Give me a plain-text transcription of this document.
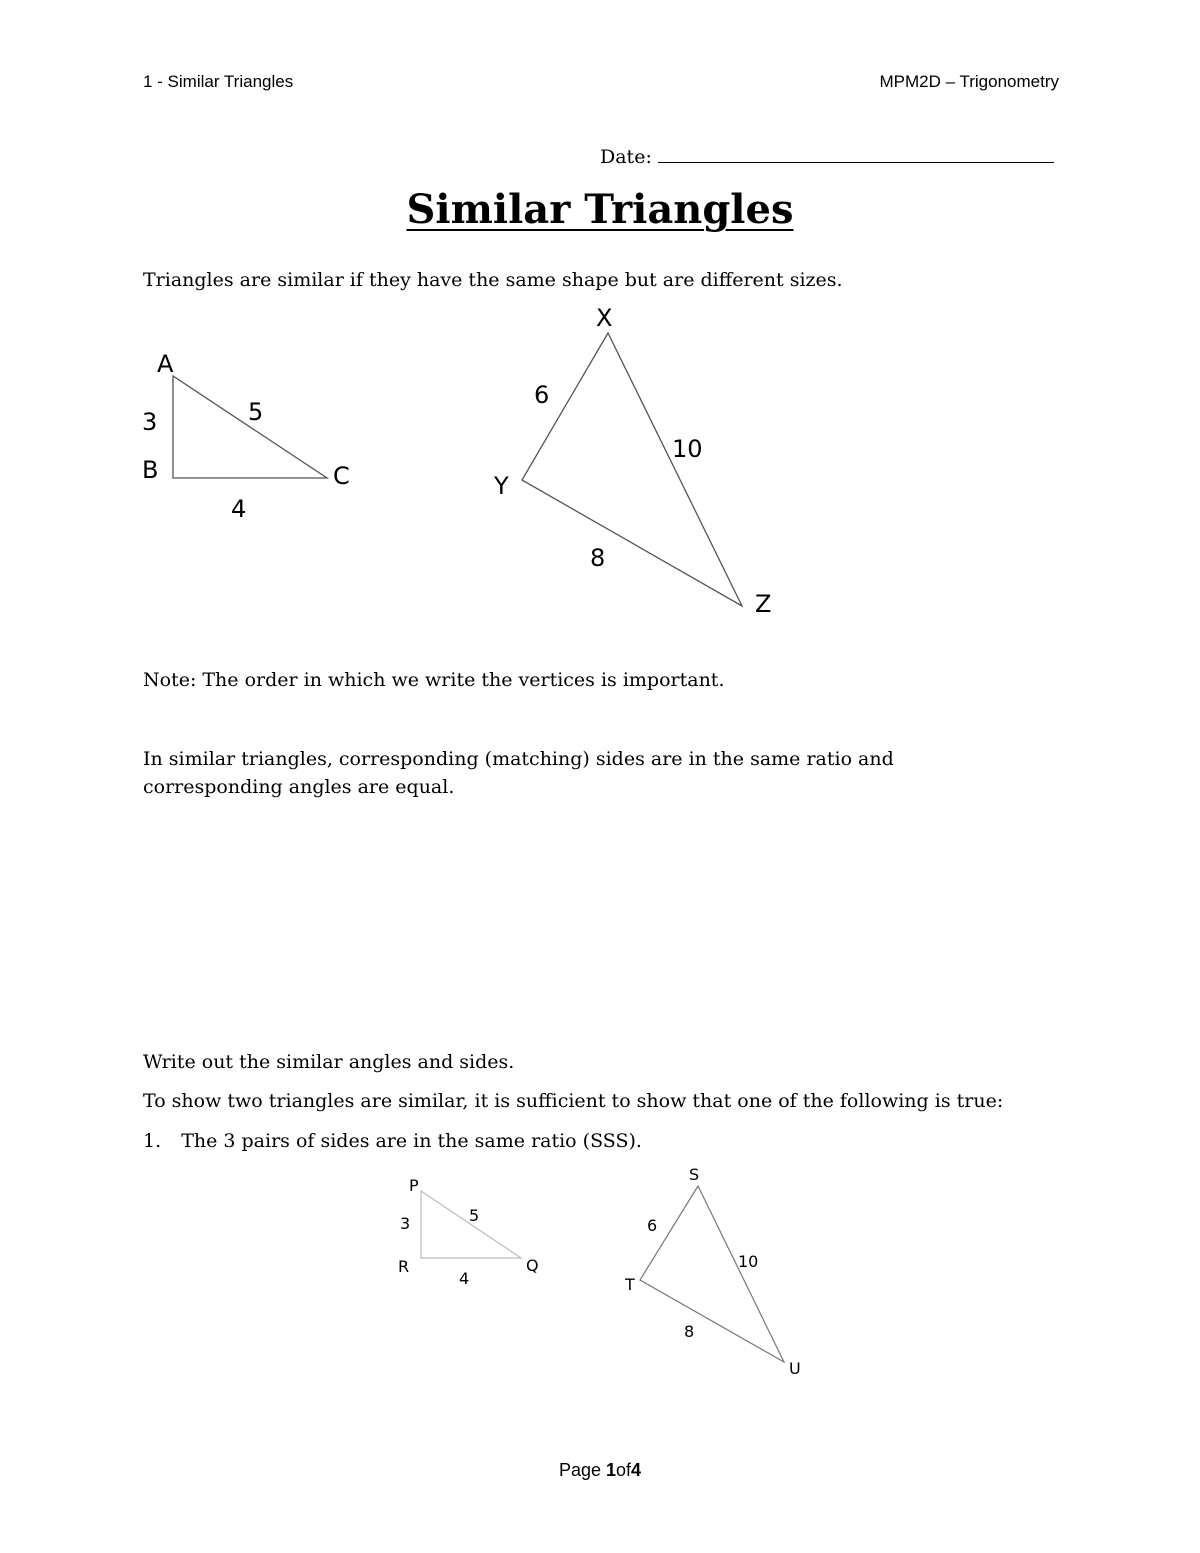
1 - Similar Triangles	MPM2D – Trigonometry
Date:
Similar Triangles
Triangles are similar if they have the same shape but are different sizes.
A
B	C
3	5
4
X
Y
Z
6
10
8
P
Q
R
3	5
4
S
T
U
6
10
8
Note: The order in which we write the vertices is important.
In similar triangles, corresponding (matching) sides are in the same ratio and
corresponding angles are equal.
Write out the similar angles and sides.
To show two triangles are similar, it is sufficient to show that one of the following is true:
1. The 3 pairs of sides are in the same ratio (SSS).
Page 1of4
